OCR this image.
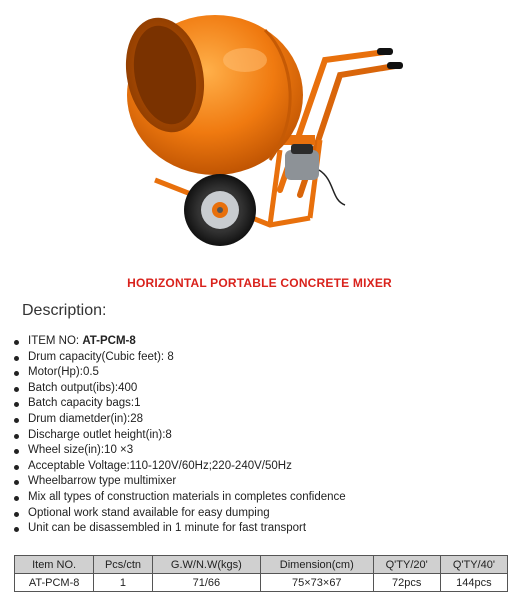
HORIZONTAL PORTABLE CONCRETE MIXER
Description:
ITEM NO: AT-PCM-8
Drum capacity(Cubic feet): 8
Motor(Hp):0.5
Batch output(ibs):400
Batch capacity bags:1
Drum diametder(in):28
Discharge outlet height(in):8
Wheel size(in):10 ×3
Acceptable Voltage:110-120V/60Hz;220-240V/50Hz
Wheelbarrow type multimixer
Mix all types of construction materials in completes confidence
Optional work stand available for easy dumping
Unit can be disassembled in 1 minute for fast transport
Item NO.	Pcs/ctn	G.W/N.W(kgs)	Dimension(cm)	Q'TY/20'	Q'TY/40'
AT-PCM-8	1	71/66	75×73×67	72pcs	144pcs
